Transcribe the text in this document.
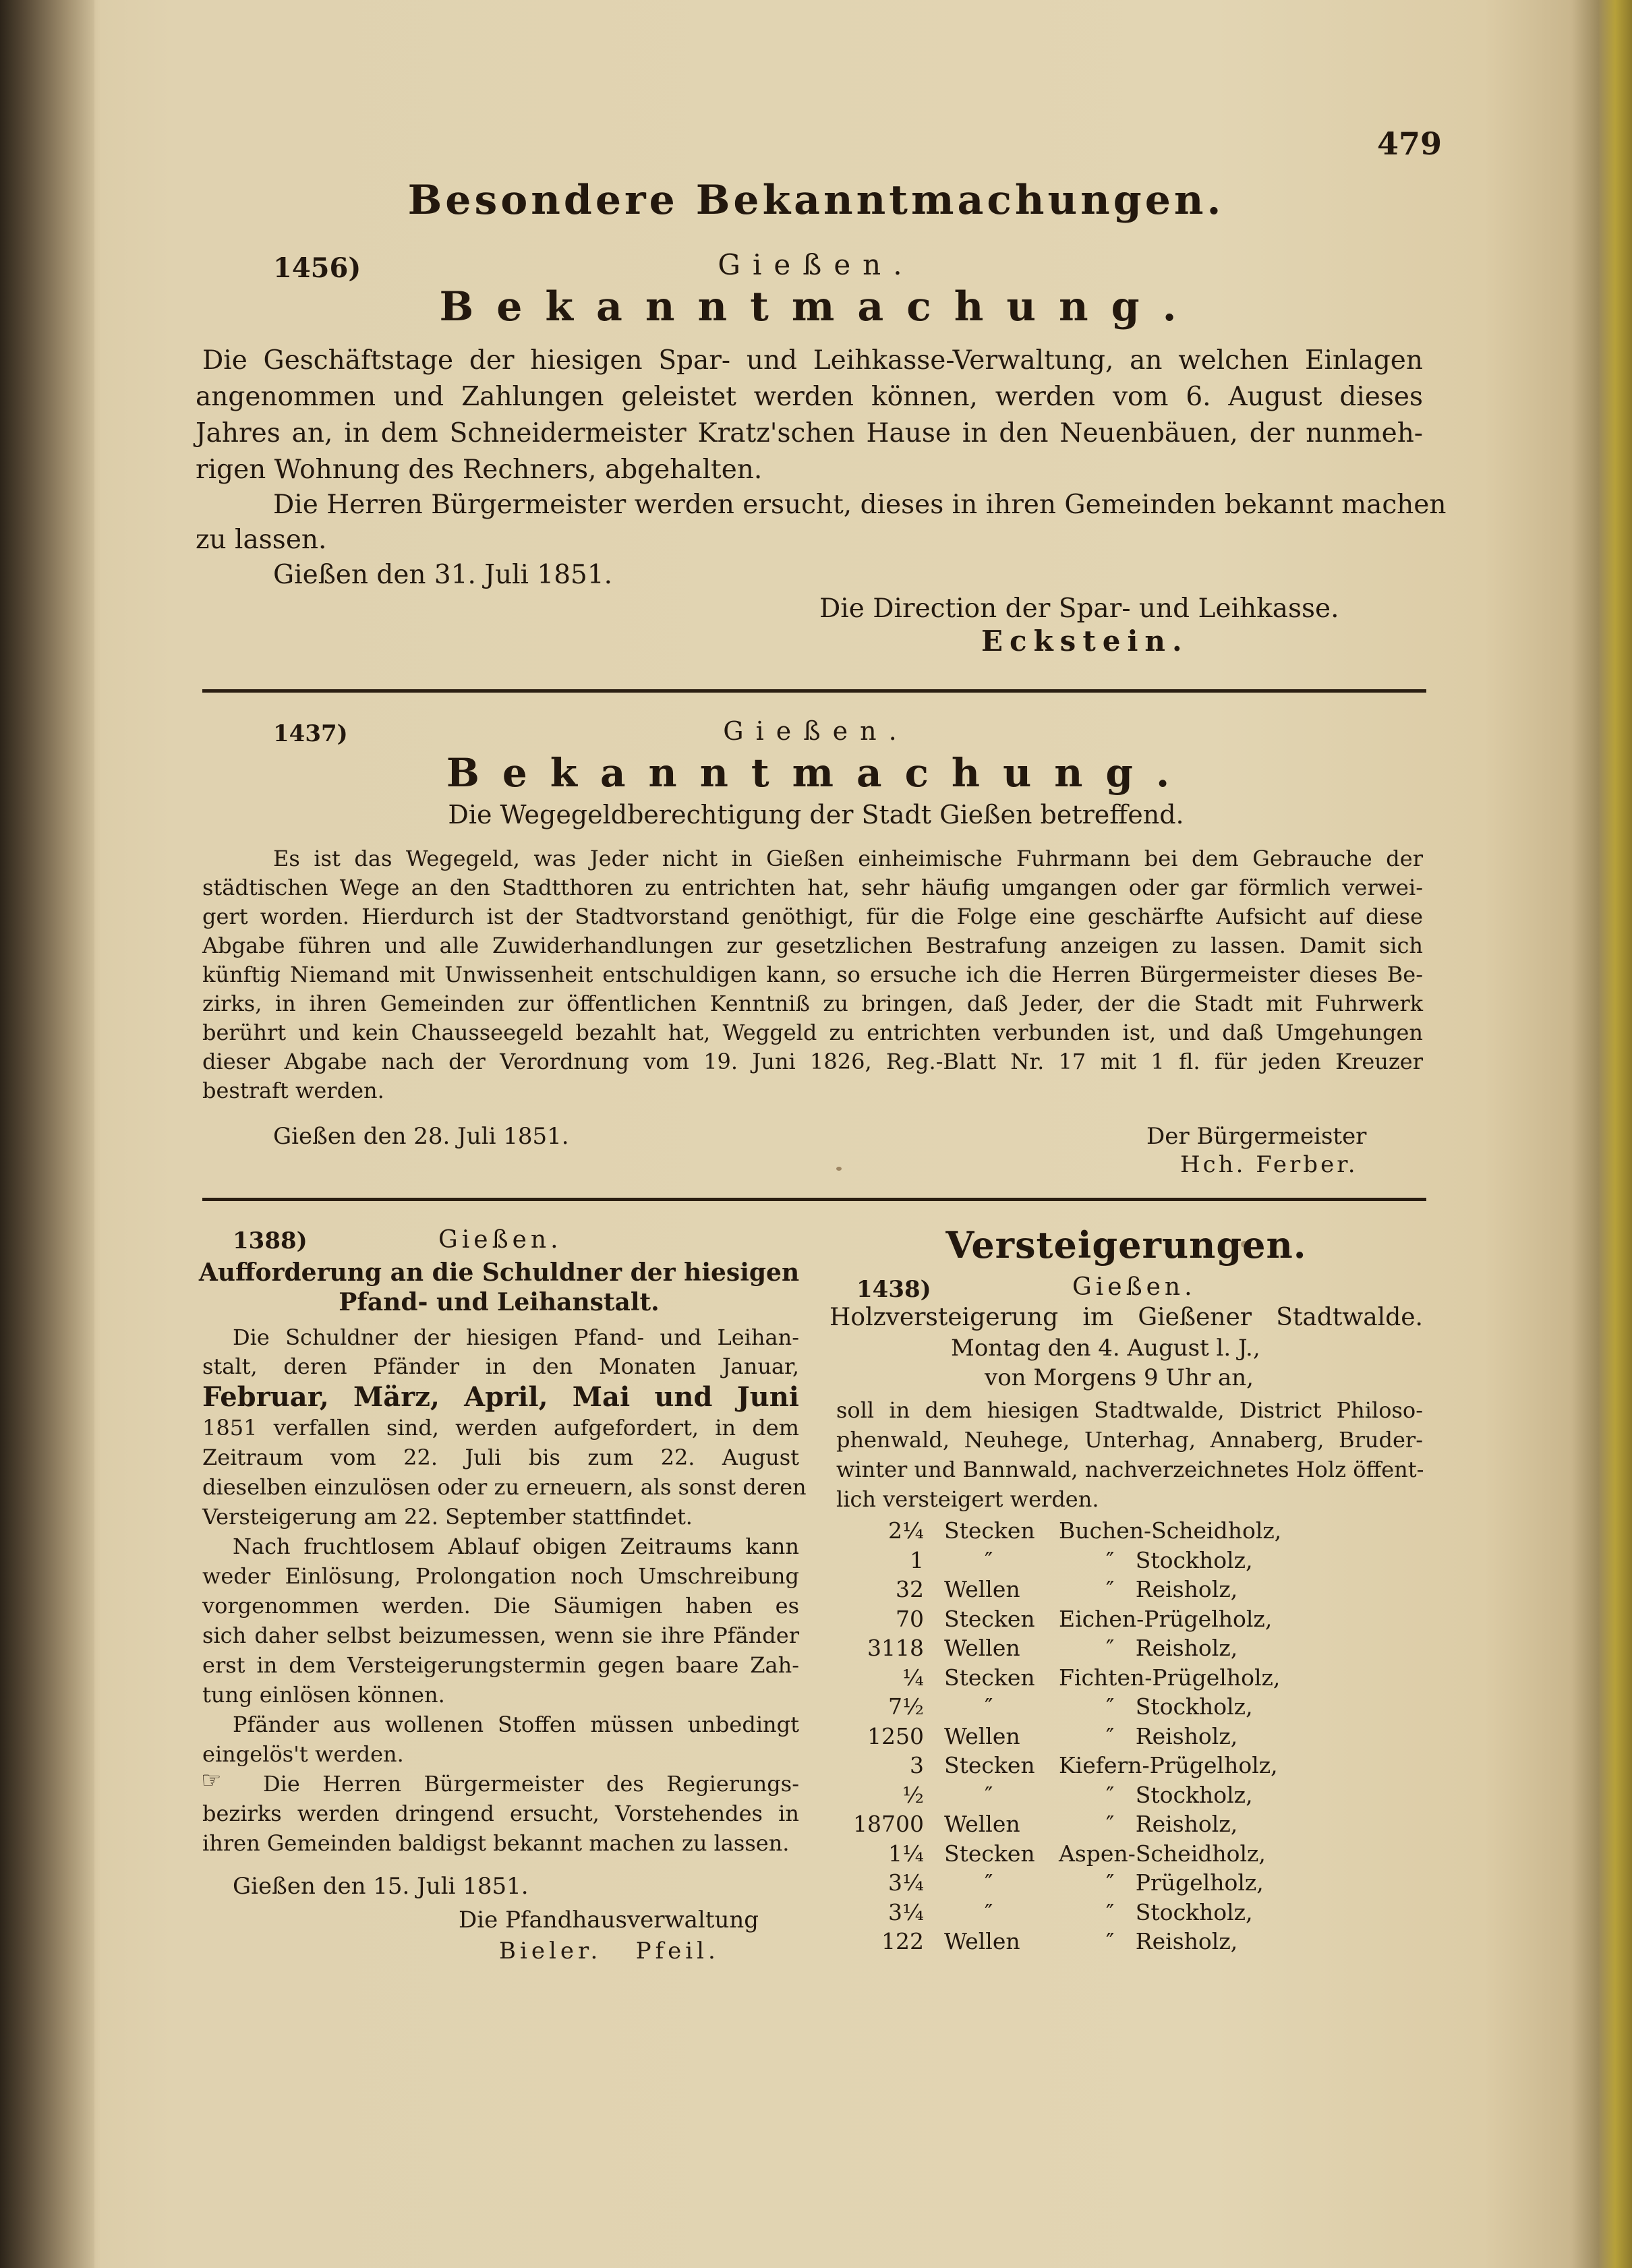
479
Besondere Bekanntmachungen.
1456)	Gießen.
Bekanntmachung.
Die Geschäftstage der hiesigen Spar- und Leihkasse-Verwaltung, an welchen Einlagen
angenommen und Zahlungen geleistet werden können, werden vom 6. August dieses
Jahres an, in dem Schneidermeister Kratz'schen Hause in den Neuenbäuen, der nunmeh-
rigen Wohnung des Rechners, abgehalten.
Die Herren Bürgermeister werden ersucht, dieses in ihren Gemeinden bekannt machen
zu lassen.
Gießen den 31. Juli 1851.
Die Direction der Spar- und Leihkasse.
Eckstein.
1437)	Gießen.
Bekanntmachung.
Die Wegegeldberechtigung der Stadt Gießen betreffend.
Es ist das Wegegeld, was Jeder nicht in Gießen einheimische Fuhrmann bei dem Gebrauche der
städtischen Wege an den Stadtthoren zu entrichten hat, sehr häufig umgangen oder gar förmlich verwei-
gert worden. Hierdurch ist der Stadtvorstand genöthigt, für die Folge eine geschärfte Aufsicht auf diese
Abgabe führen und alle Zuwiderhandlungen zur gesetzlichen Bestrafung anzeigen zu lassen. Damit sich
künftig Niemand mit Unwissenheit entschuldigen kann, so ersuche ich die Herren Bürgermeister dieses Be-
zirks, in ihren Gemeinden zur öffentlichen Kenntniß zu bringen, daß Jeder, der die Stadt mit Fuhrwerk
berührt und kein Chausseegeld bezahlt hat, Weggeld zu entrichten verbunden ist, und daß Umgehungen
dieser Abgabe nach der Verordnung vom 19. Juni 1826, Reg.-Blatt Nr. 17 mit 1 fl. für jeden Kreuzer
bestraft werden.
Gießen den 28. Juli 1851.	Der Bürgermeister
Hch. Ferber.
1388)	Gießen.
Aufforderung an die Schuldner der hiesigen
Pfand- und Leihanstalt.
Die Schuldner der hiesigen Pfand- und Leihan-
stalt, deren Pfänder in den Monaten Januar,
Februar, März, April, Mai und Juni
1851 verfallen sind, werden aufgefordert, in dem
Zeitraum vom 22. Juli bis zum 22. August
dieselben einzulösen oder zu erneuern, als sonst deren
Versteigerung am 22. September stattfindet.
Nach fruchtlosem Ablauf obigen Zeitraums kann
weder Einlösung, Prolongation noch Umschreibung
vorgenommen werden. Die Säumigen haben es
sich daher selbst beizumessen, wenn sie ihre Pfänder
erst in dem Versteigerungstermin gegen baare Zah-
tung einlösen können.
Pfänder aus wollenen Stoffen müssen unbedingt
eingelös't werden.
☞ Die Herren Bürgermeister des Regierungs-
bezirks werden dringend ersucht, Vorstehendes in
ihren Gemeinden baldigst bekannt machen zu lassen.
Gießen den 15. Juli 1851.
Die Pfandhausverwaltung
Bieler.   Pfeil.
Versteigerungen.
1438)	Gießen.
Holzversteigerung im Gießener Stadtwalde.
Montag den 4. August l. J.,
von Morgens 9 Uhr an,
soll in dem hiesigen Stadtwalde, District Philoso-
phenwald, Neuhege, Unterhag, Annaberg, Bruder-
winter und Bannwald, nachverzeichnetes Holz öffent-
lich versteigert werden.
2¼ Stecken Buchen-Scheidholz,
1	″	″   Stockholz,
32 Wellen	″   Reisholz,
70 Stecken Eichen-Prügelholz,
3118 Wellen	″   Reisholz,
¼ Stecken Fichten-Prügelholz,
7½	″	″   Stockholz,
1250 Wellen	″   Reisholz,
3 Stecken Kiefern-Prügelholz,
½	″	″   Stockholz,
18700 Wellen	″   Reisholz,
1¼ Stecken Aspen-Scheidholz,
3¼	″	″   Prügelholz,
3¼	″	″   Stockholz,
122 Wellen	″   Reisholz,
